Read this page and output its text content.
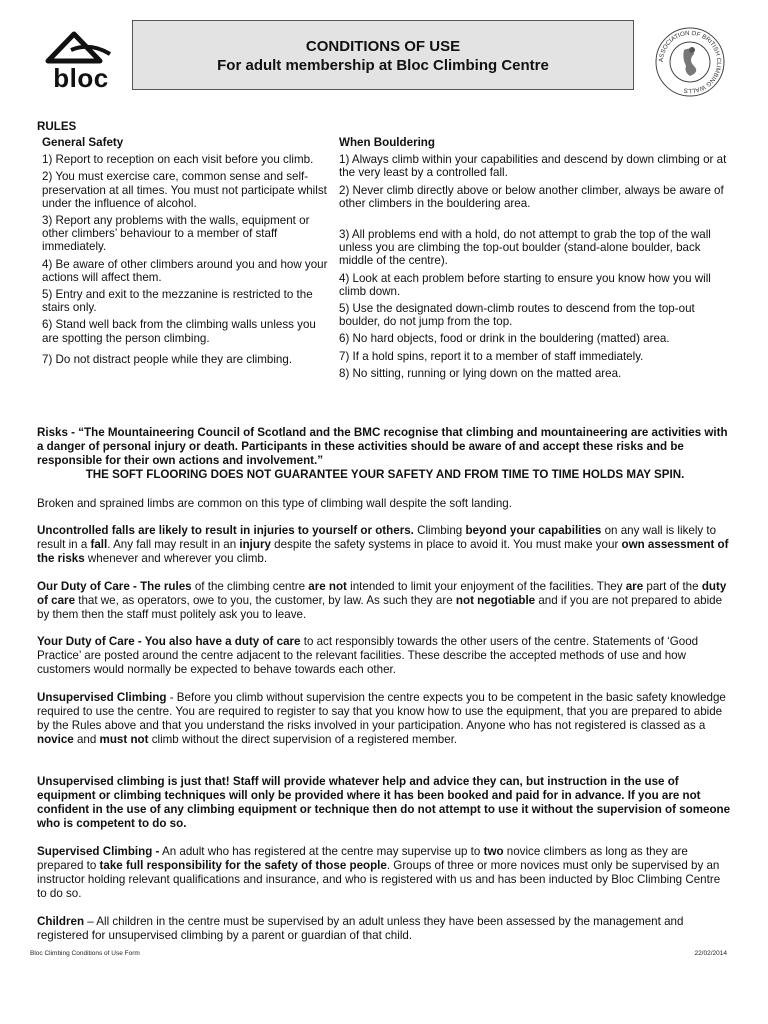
bloc
CONDITIONS OF USE
For adult membership at Bloc Climbing Centre	ASSOCIATION OF BRITISH CLIMBING WALLS
RULES

General Safety

1) Report to reception on each visit before you climb.

2) You must exercise care, common sense and self- preservation at all times. You must not participate whilst under the influence of alcohol.

3) Report any problems with the walls, equipment or other climbers’ behaviour to a member of staff immediately.

4) Be aware of other climbers around you and how your actions will affect them.

5) Entry and exit to the mezzanine is restricted to the stairs only.

6) Stand well back from the climbing walls unless you are spotting the person climbing.

7) Do not distract people while they are climbing.

When Bouldering

1) Always climb within your capabilities and descend by down climbing or at the very least by a controlled fall.

2) Never climb directly above or below another climber, always be aware of other climbers in the bouldering area.

3) All problems end with a hold, do not attempt to grab the top of the wall unless you are climbing the top-out boulder (stand-alone boulder, back middle of the centre).

4) Look at each problem before starting to ensure you know how you will climb down.

5) Use the designated down-climb routes to descend from the top-out boulder, do not jump from the top.

6) No hard objects, food or drink in the bouldering (matted) area.

7) If a hold spins, report it to a member of staff immediately.

8) No sitting, running or lying down on the matted area.

Risks - “The Mountaineering Council of Scotland and the BMC recognise that climbing and mountaineering are activities with a danger of personal injury or death. Participants in these activities should be aware of and accept these risks and be responsible for their own actions and involvement.”

THE SOFT FLOORING DOES NOT GUARANTEE YOUR SAFETY AND FROM TIME TO TIME HOLDS MAY SPIN.

Broken and sprained limbs are common on this type of climbing wall despite the soft landing.

Uncontrolled falls are likely to result in injuries to yourself or others. Climbing beyond your capabilities on any wall is likely to result in a fall. Any fall may result in an injury despite the safety systems in place to avoid it. You must make your own assessment of the risks whenever and wherever you climb.

Our Duty of Care - The rules of the climbing centre are not intended to limit your enjoyment of the facilities. They are part of the duty of care that we, as operators, owe to you, the customer, by law. As such they are not negotiable and if you are not prepared to abide by them then the staff must politely ask you to leave.

Your Duty of Care - You also have a duty of care to act responsibly towards the other users of the centre. Statements of ‘Good Practice’ are posted around the centre adjacent to the relevant facilities. These describe the accepted methods of use and how customers would normally be expected to behave towards each other.

Unsupervised Climbing - Before you climb without supervision the centre expects you to be competent in the basic safety knowledge required to use the centre. You are required to register to say that you know how to use the equipment, that you are prepared to abide by the Rules above and that you understand the risks involved in your participation. Anyone who has not registered is classed as a novice and must not climb without the direct supervision of a registered member.

Unsupervised climbing is just that! Staff will provide whatever help and advice they can, but instruction in the use of equipment or climbing techniques will only be provided where it has been booked and paid for in advance. If you are not confident in the use of any climbing equipment or technique then do not attempt to use it without the supervision of someone who is competent to do so.

Supervised Climbing - An adult who has registered at the centre may supervise up to two novice climbers as long as they are prepared to take full responsibility for the safety of those people. Groups of three or more novices must only be supervised by an instructor holding relevant qualifications and insurance, and who is registered with us and has been inducted by Bloc Climbing Centre to do so.

Children – All children in the centre must be supervised by an adult unless they have been assessed by the management and registered for unsupervised climbing by a parent or guardian of that child.

Bloc Climbing Conditions of Use Form	22/02/2014
